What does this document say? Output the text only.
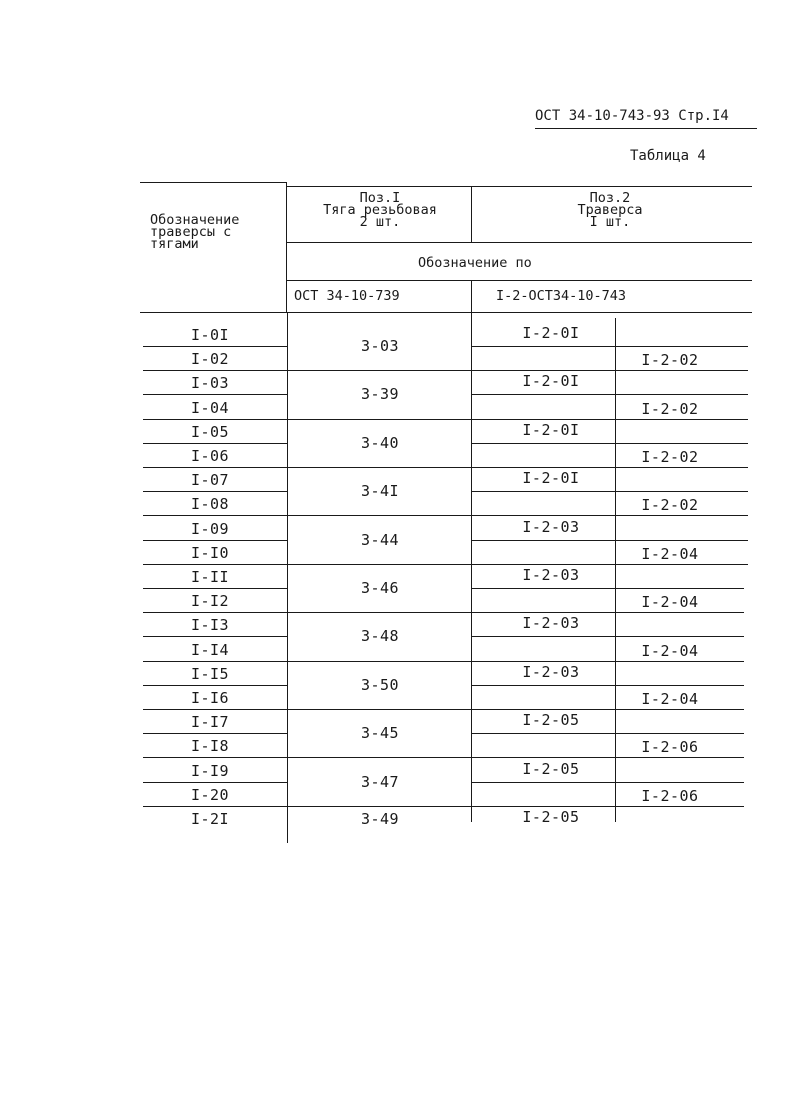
ОСТ 34-10-743-93 Стр.I4
Таблица 4
Обозначение
траверсы с
тягами
Поз.I
Тяга резьбовая
2 шт.
Поз.2
Траверса
I шт.
Обозначение по
ОСТ 34-10-739	I-2-ОСТ34-10-743
I-0I
I-02
I-03
I-04
I-05
I-06
I-07
I-08
I-09
I-I0
I-II
I-I2
I-I3
I-I4
I-I5
I-I6
I-I7
I-I8
I-I9
I-20
I-2I
3-03
3-39
3-40
3-4I
3-44
3-46
3-48
3-50
3-45
3-47
3-49
I-2-0I
I-2-0I
I-2-0I
I-2-0I
I-2-03
I-2-03
I-2-03
I-2-03
I-2-05
I-2-05
I-2-05
I-2-02
I-2-02
I-2-02
I-2-02
I-2-04
I-2-04
I-2-04
I-2-04
I-2-06
I-2-06
